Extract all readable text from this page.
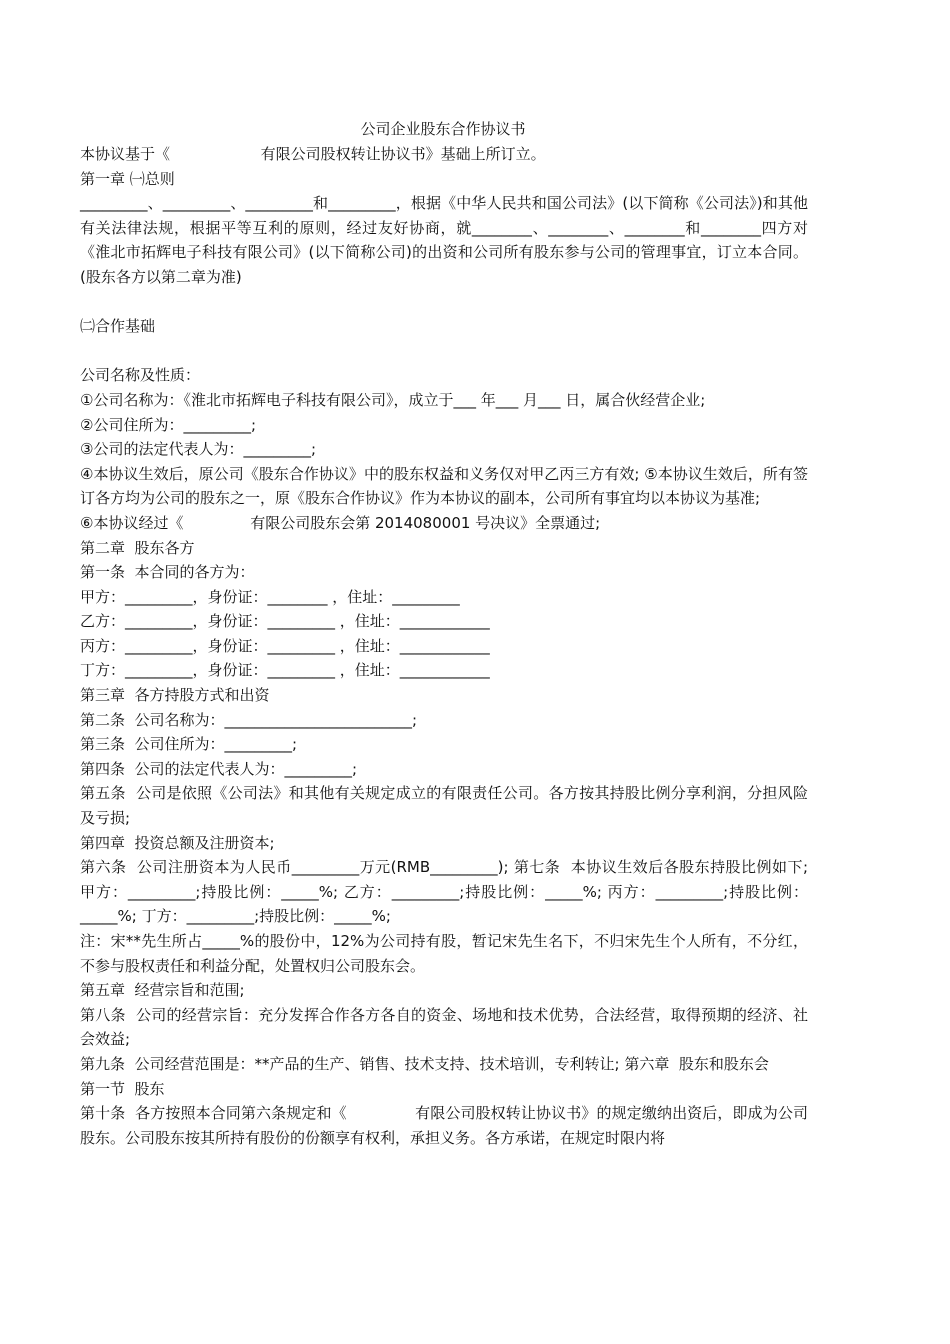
公司企业股东合作协议书

本协议基于《                   有限公司股权转让协议书》基础上所订立。

第一章 ㈠总则

_________、_________、_________和_________，根据《中华人民共和国公司法》(以下简称《公司法》)和其他有关法律法规，根据平等互利的原则，经过友好协商，就________、________、________和________四方对《淮北市拓辉电子科技有限公司》(以下简称公司)的出资和公司所有股东参与公司的管理事宜，订立本合同。(股东各方以第二章为准)

㈡合作基础

公司名称及性质：

①公司名称为：《淮北市拓辉电子科技有限公司》，成立于___ 年___ 月___ 日，属合伙经营企业;

②公司住所为：_________;

③公司的法定代表人为：_________;

④本协议生效后，原公司《股东合作协议》中的股东权益和义务仅对甲乙丙三方有效; ⑤本协议生效后，所有签订各方均为公司的股东之一，原《股东合作协议》作为本协议的副本，公司所有事宜均以本协议为基准;

⑥本协议经过《              有限公司股东会第 2014080001 号决议》全票通过;

第二章  股东各方

第一条  本合同的各方为：

甲方：_________，身份证：________ ，住址：_________

乙方：_________，身份证：_________ ，住址：____________

丙方：_________，身份证：_________ ，住址：____________

丁方：_________，身份证：_________ ，住址：____________

第三章  各方持股方式和出资

第二条  公司名称为：_________________________;

第三条  公司住所为：_________;

第四条  公司的法定代表人为：_________;

第五条  公司是依照《公司法》和其他有关规定成立的有限责任公司。各方按其持股比例分享利润，分担风险及亏损;

第四章  投资总额及注册资本;

第六条  公司注册资本为人民币_________万元(RMB_________); 第七条  本协议生效后各股东持股比例如下; 甲方：_________;持股比例：_____%; 乙方：_________;持股比例：_____%; 丙方：_________;持股比例：_____%; 丁方：_________;持股比例：_____%;

注：宋**先生所占_____%的股份中，12%为公司持有股，暂记宋先生名下，不归宋先生个人所有，不分红，不参与股权责任和利益分配，处置权归公司股东会。

第五章  经营宗旨和范围;

第八条  公司的经营宗旨：充分发挥合作各方各自的资金、场地和技术优势，合法经营，取得预期的经济、社会效益;

第九条  公司经营范围是：**产品的生产、销售、技术支持、技术培训，专利转让; 第六章  股东和股东会

第一节  股东

第十条  各方按照本合同第六条规定和《              有限公司股权转让协议书》的规定缴纳出资后，即成为公司股东。公司股东按其所持有股份的份额享有权利，承担义务。各方承诺，在规定时限内将
